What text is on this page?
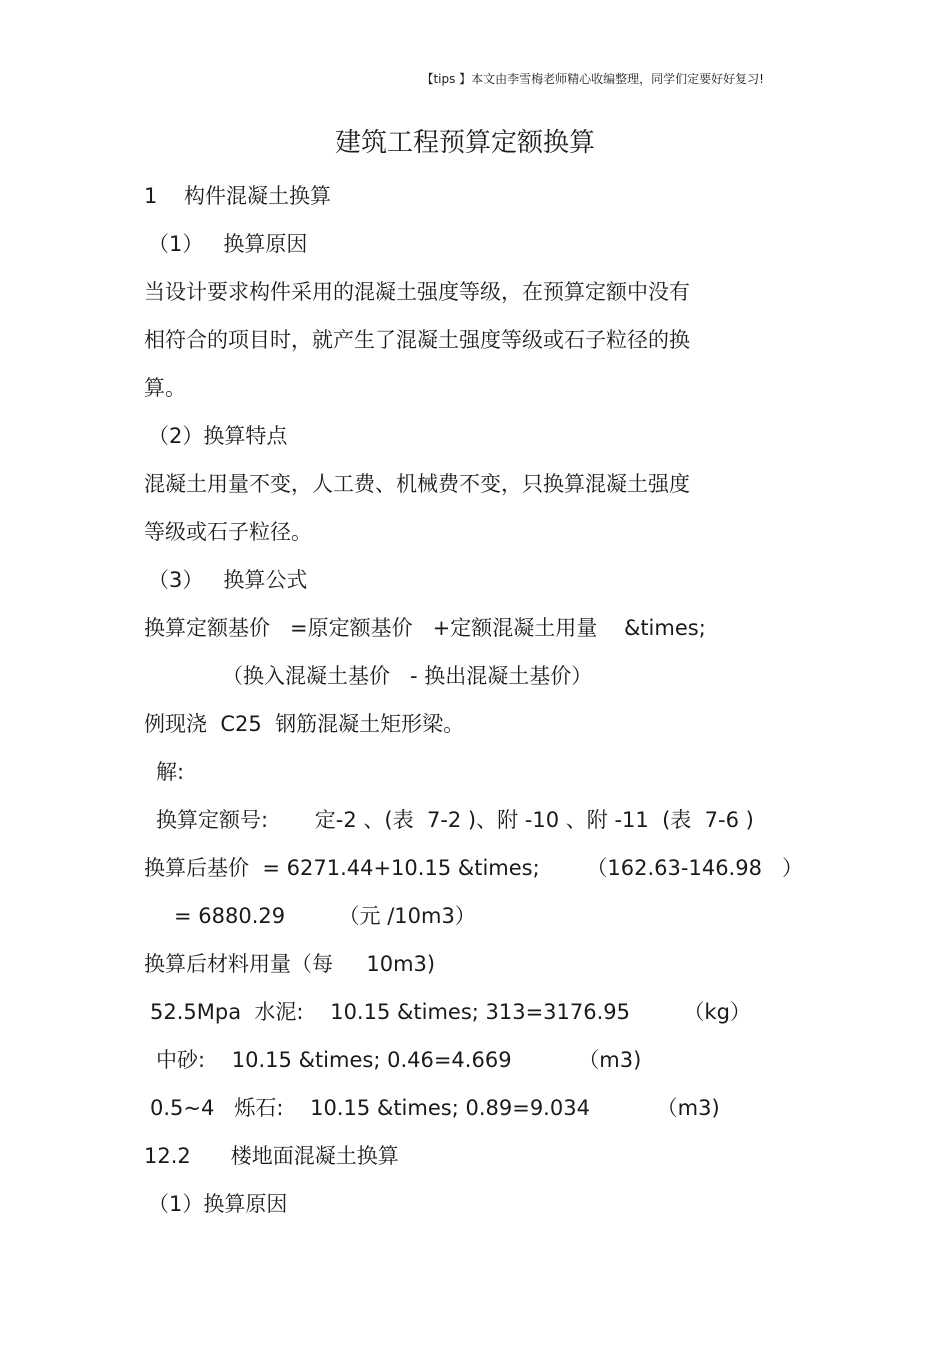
【tips 】本文由李雪梅老师精心收编整理，同学们定要好好复习!
建筑工程预算定额换算
1    构件混凝土换算
（1）   换算原因
当设计要求构件采用的混凝土强度等级，在预算定额中没有
相符合的项目时，就产生了混凝土强度等级或石子粒径的换
算。
（2）换算特点
混凝土用量不变，人工费、机械费不变，只换算混凝土强度
等级或石子粒径。
（3）   换算公式
换算定额基价   =原定额基价   +定额混凝土用量    &times;
（换入混凝土基价   - 换出混凝土基价）
例现浇  C25  钢筋混凝土矩形梁。
解:
换算定额号:       定-2 、(表  7-2 )、附 -10 、附 -11  (表  7-6 )
换算后基价  = 6271.44+10.15 &times;       （162.63-146.98   ）
= 6880.29        （元 /10m3）
换算后材料用量（每     10m3)
52.5Mpa  水泥:    10.15 &times; 313=3176.95        （kg）
中砂:    10.15 &times; 0.46=4.669          （m3)
0.5~4   烁石:    10.15 &times; 0.89=9.034          （m3)
12.2      楼地面混凝土换算
（1）换算原因
